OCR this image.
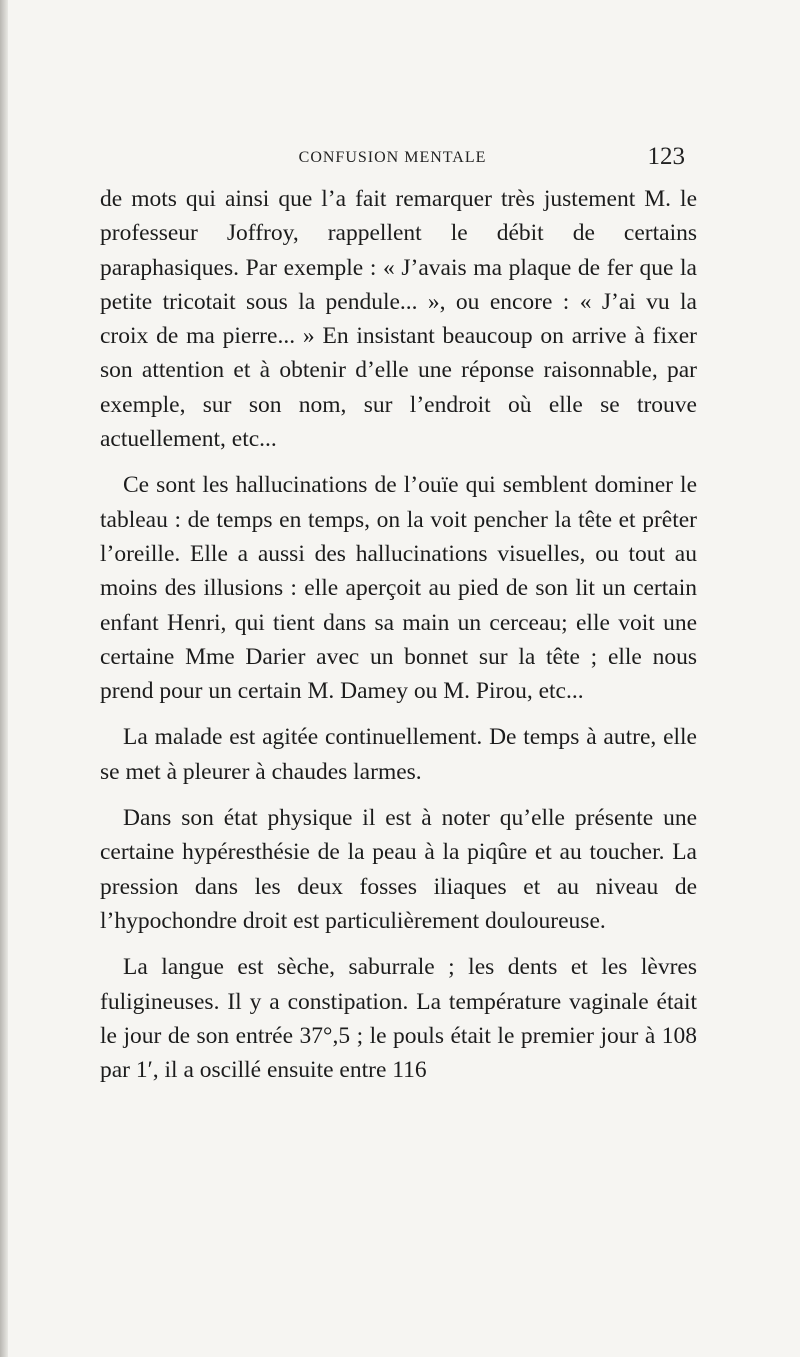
CONFUSION MENTALE	123

de mots qui ainsi que l’a fait remarquer très justement M. le professeur Joffroy, rappellent le débit de certains paraphasiques. Par exemple : « J’avais ma plaque de fer que la petite tricotait sous la pendule... », ou encore : « J’ai vu la croix de ma pierre... » En insistant beaucoup on arrive à fixer son attention et à obtenir d’elle une réponse raisonnable, par exemple, sur son nom, sur l’endroit où elle se trouve actuellement, etc...

Ce sont les hallucinations de l’ouïe qui semblent dominer le tableau : de temps en temps, on la voit pencher la tête et prêter l’oreille. Elle a aussi des hallucinations visuelles, ou tout au moins des illusions : elle aperçoit au pied de son lit un certain enfant Henri, qui tient dans sa main un cerceau; elle voit une certaine Mme Darier avec un bonnet sur la tête ; elle nous prend pour un certain M. Damey ou M. Pirou, etc...

La malade est agitée continuellement. De temps à autre, elle se met à pleurer à chaudes larmes.

Dans son état physique il est à noter qu’elle présente une certaine hypéresthésie de la peau à la piqûre et au toucher. La pression dans les deux fosses iliaques et au niveau de l’hypochondre droit est particulièrement douloureuse.

La langue est sèche, saburrale ; les dents et les lèvres fuligineuses. Il y a constipation. La température vaginale était le jour de son entrée 37°,5 ; le pouls était le premier jour à 108 par 1′, il a oscillé ensuite entre 116
